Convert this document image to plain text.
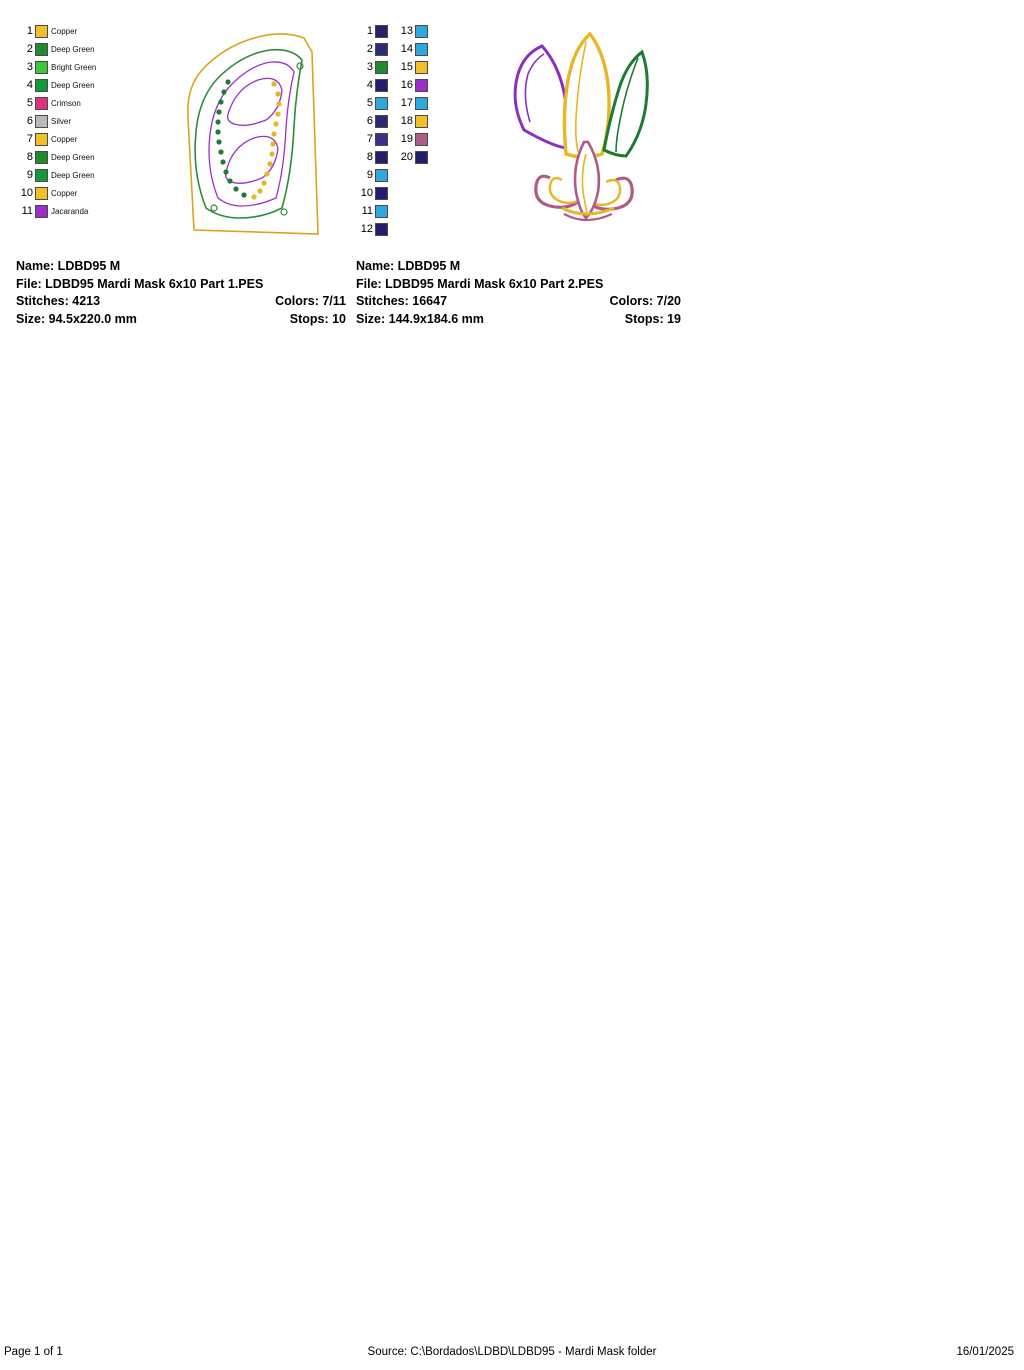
1	Copper
2	Deep Green
3	Bright Green
4	Deep Green
5	Crimson
6	Silver
7	Copper
8	Deep Green
9	Deep Green
10	Copper
11	Jacaranda
Name: LDBD95 M
File: LDBD95 Mardi Mask 6x10 Part 1.PES
Stitches: 4213	Colors: 7/11
Size: 94.5x220.0 mm	Stops: 10
1
2
3
4
5
6
7
8
9
10
11
12
13
14
15
16
17
18
19
20
Name: LDBD95 M
File: LDBD95 Mardi Mask 6x10 Part 2.PES
Stitches: 16647	Colors: 7/20
Size: 144.9x184.6 mm	Stops: 19
Page 1 of 1	Source: C:\Bordados\LDBD\LDBD95 - Mardi Mask folder	16/01/2025
